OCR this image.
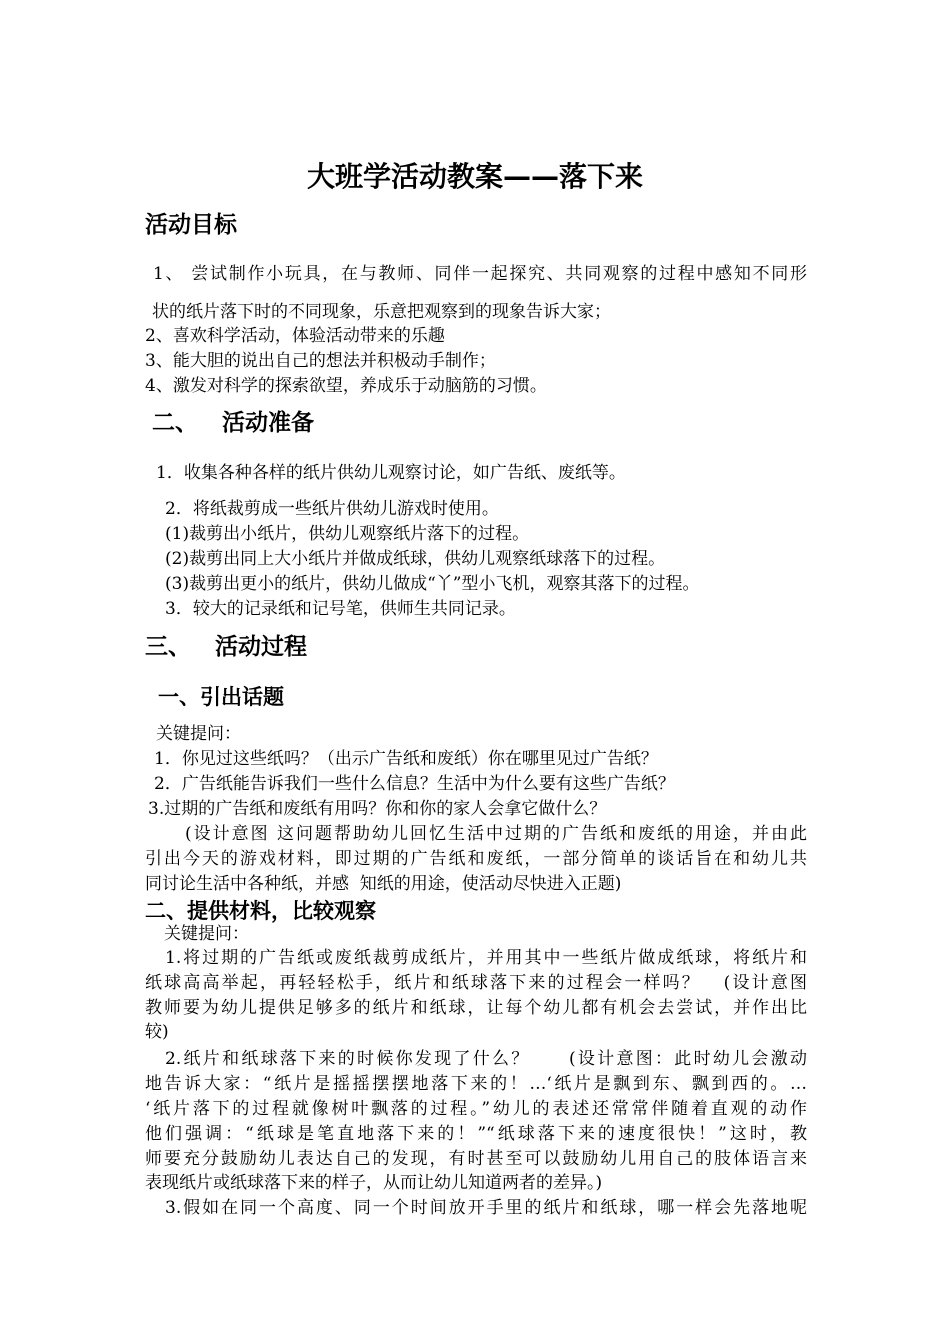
大班学活动教案——落下来
活动目标
1、 尝试制作小玩具，在与教师、同伴一起探究、共同观察的过程中感知不同形
状的纸片落下时的不同现象，乐意把观察到的现象告诉大家；
2、喜欢科学活动，体验活动带来的乐趣
3、能大胆的说出自己的想法并积极动手制作；
4、激发对科学的探索欲望，养成乐于动脑筋的习惯。
二、   活动准备
1．收集各种各样的纸片供幼儿观察讨论，如广告纸、废纸等。
2．将纸裁剪成一些纸片供幼儿游戏时使用。
(1)裁剪出小纸片，供幼儿观察纸片落下的过程。
(2)裁剪出同上大小纸片并做成纸球，供幼儿观察纸球落下的过程。
(3)裁剪出更小的纸片，供幼儿做成“丫”型小飞机，观察其落下的过程。
3．较大的记录纸和记号笔，供师生共同记录。
三、   活动过程
一、引出话题
关键提问：
1．你见过这些纸吗？（出示广告纸和废纸）你在哪里见过广告纸？
2．广告纸能告诉我们一些什么信息？生活中为什么要有这些广告纸？
3.过期的广告纸和废纸有用吗？你和你的家人会拿它做什么？
(设计意图 这问题帮助幼儿回忆生活中过期的广告纸和废纸的用途，并由此
引出今天的游戏材料，即过期的广告纸和废纸，一部分简单的谈话旨在和幼儿共
同讨论生活中各种纸，并感  知纸的用途，使活动尽快进入正题)
二、提供材料，比较观察
关键提问：
1.将过期的广告纸或废纸裁剪成纸片，并用其中一些纸片做成纸球，将纸片和
纸球高高举起，再轻轻松手，纸片和纸球落下来的过程会一样吗？   (设计意图
教师要为幼儿提供足够多的纸片和纸球，让每个幼儿都有机会去尝试，并作出比
较)
2.纸片和纸球落下来的时候你发现了什么？     (设计意图：此时幼儿会激动
地告诉大家：“纸片是摇摇摆摆地落下来的！…‘纸片是飘到东、飘到西的。…
‘纸片落下的过程就像树叶飘落的过程。”幼儿的表述还常常伴随着直观的动作
他们强调：“纸球是笔直地落下来的！”“纸球落下来的速度很快！”这时，教
师要充分鼓励幼儿表达自己的发现，有时甚至可以鼓励幼儿用自己的肢体语言来
表现纸片或纸球落下来的样子，从而让幼儿知道两者的差异。)
3.假如在同一个高度、同一个时间放开手里的纸片和纸球，哪一样会先落地呢
